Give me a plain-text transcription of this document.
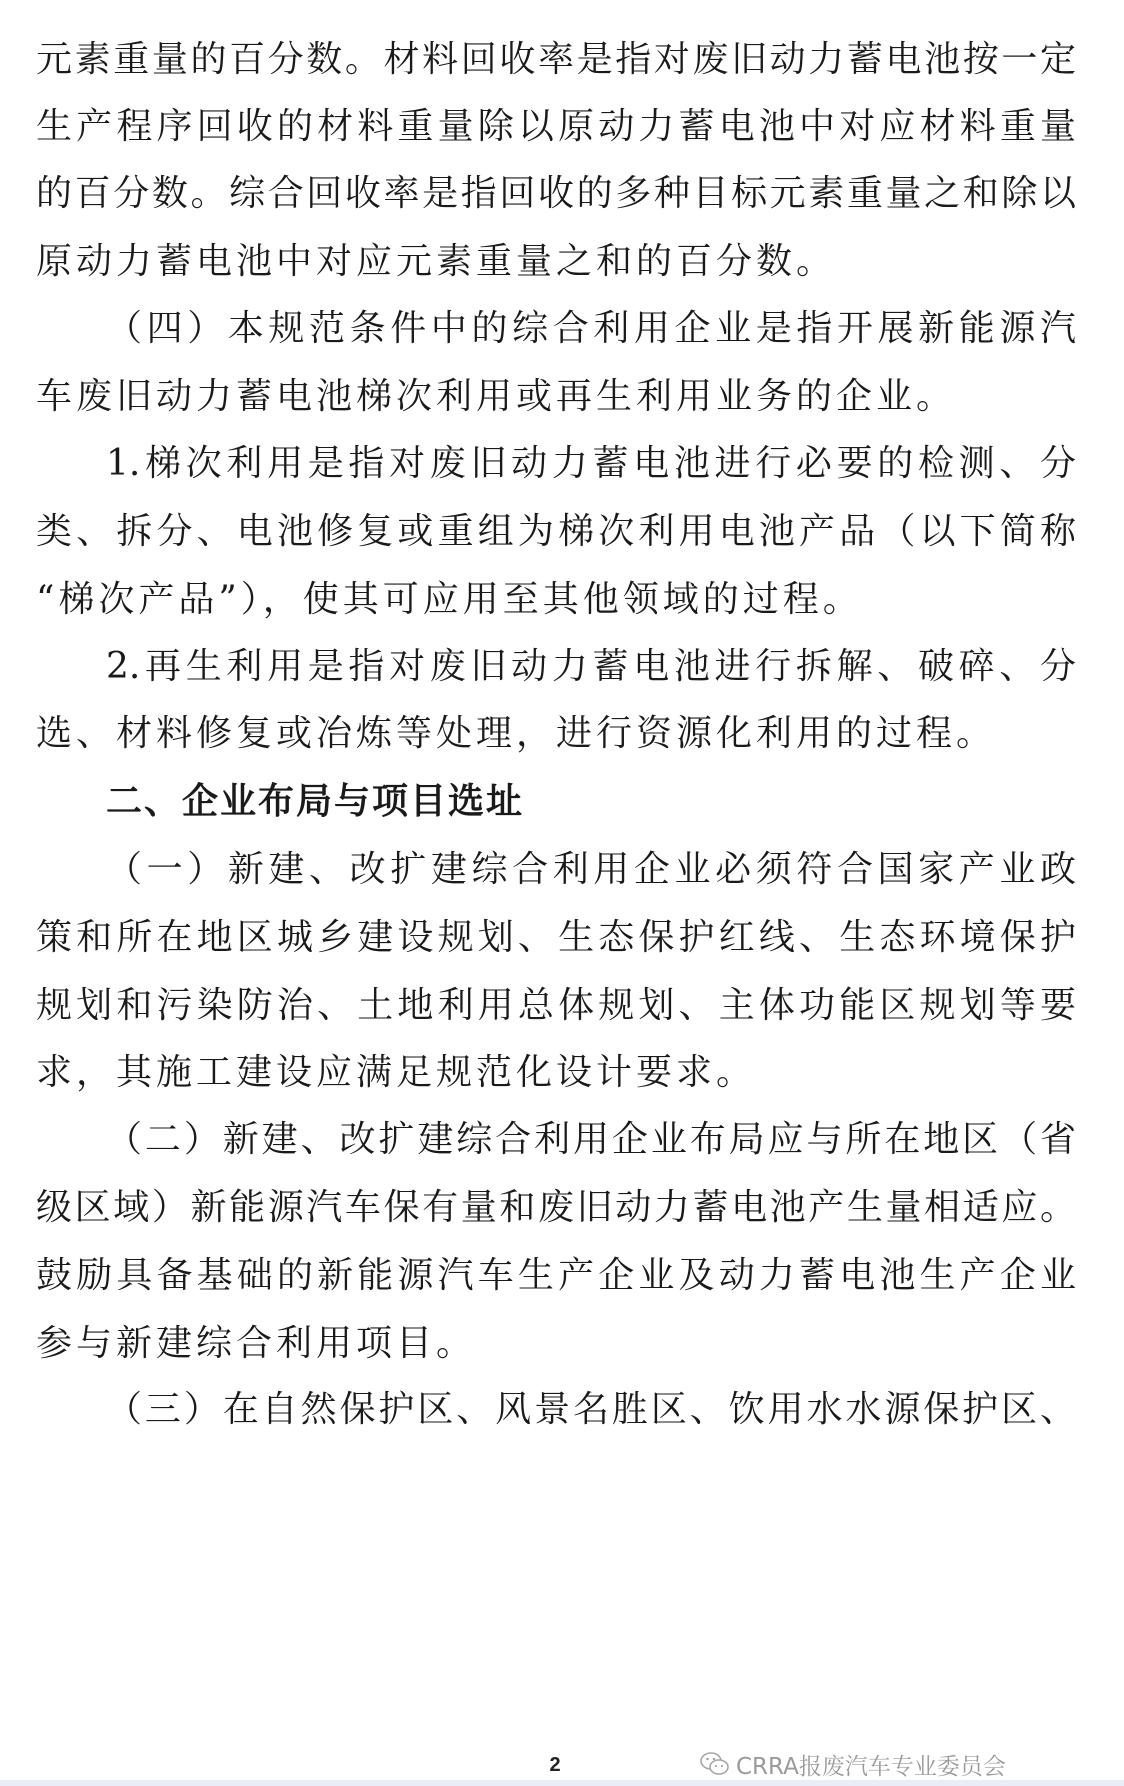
元素重量的百分数。材料回收率是指对废旧动力蓄电池按一定
生产程序回收的材料重量除以原动力蓄电池中对应材料重量
的百分数。综合回收率是指回收的多种目标元素重量之和除以
原动力蓄电池中对应元素重量之和的百分数。
（四）本规范条件中的综合利用企业是指开展新能源汽
车废旧动力蓄电池梯次利用或再生利用业务的企业。
1.梯次利用是指对废旧动力蓄电池进行必要的检测、分
类、拆分、电池修复或重组为梯次利用电池产品（以下简称
“梯次产品”），使其可应用至其他领域的过程。
2.再生利用是指对废旧动力蓄电池进行拆解、破碎、分
选、材料修复或冶炼等处理，进行资源化利用的过程。
二、企业布局与项目选址
（一）新建、改扩建综合利用企业必须符合国家产业政
策和所在地区城乡建设规划、生态保护红线、生态环境保护
规划和污染防治、土地利用总体规划、主体功能区规划等要
求，其施工建设应满足规范化设计要求。
（二）新建、改扩建综合利用企业布局应与所在地区（省
级区域）新能源汽车保有量和废旧动力蓄电池产生量相适应。
鼓励具备基础的新能源汽车生产企业及动力蓄电池生产企业
参与新建综合利用项目。
（三）在自然保护区、风景名胜区、饮用水水源保护区、
2	CRRA报废汽车专业委员会
